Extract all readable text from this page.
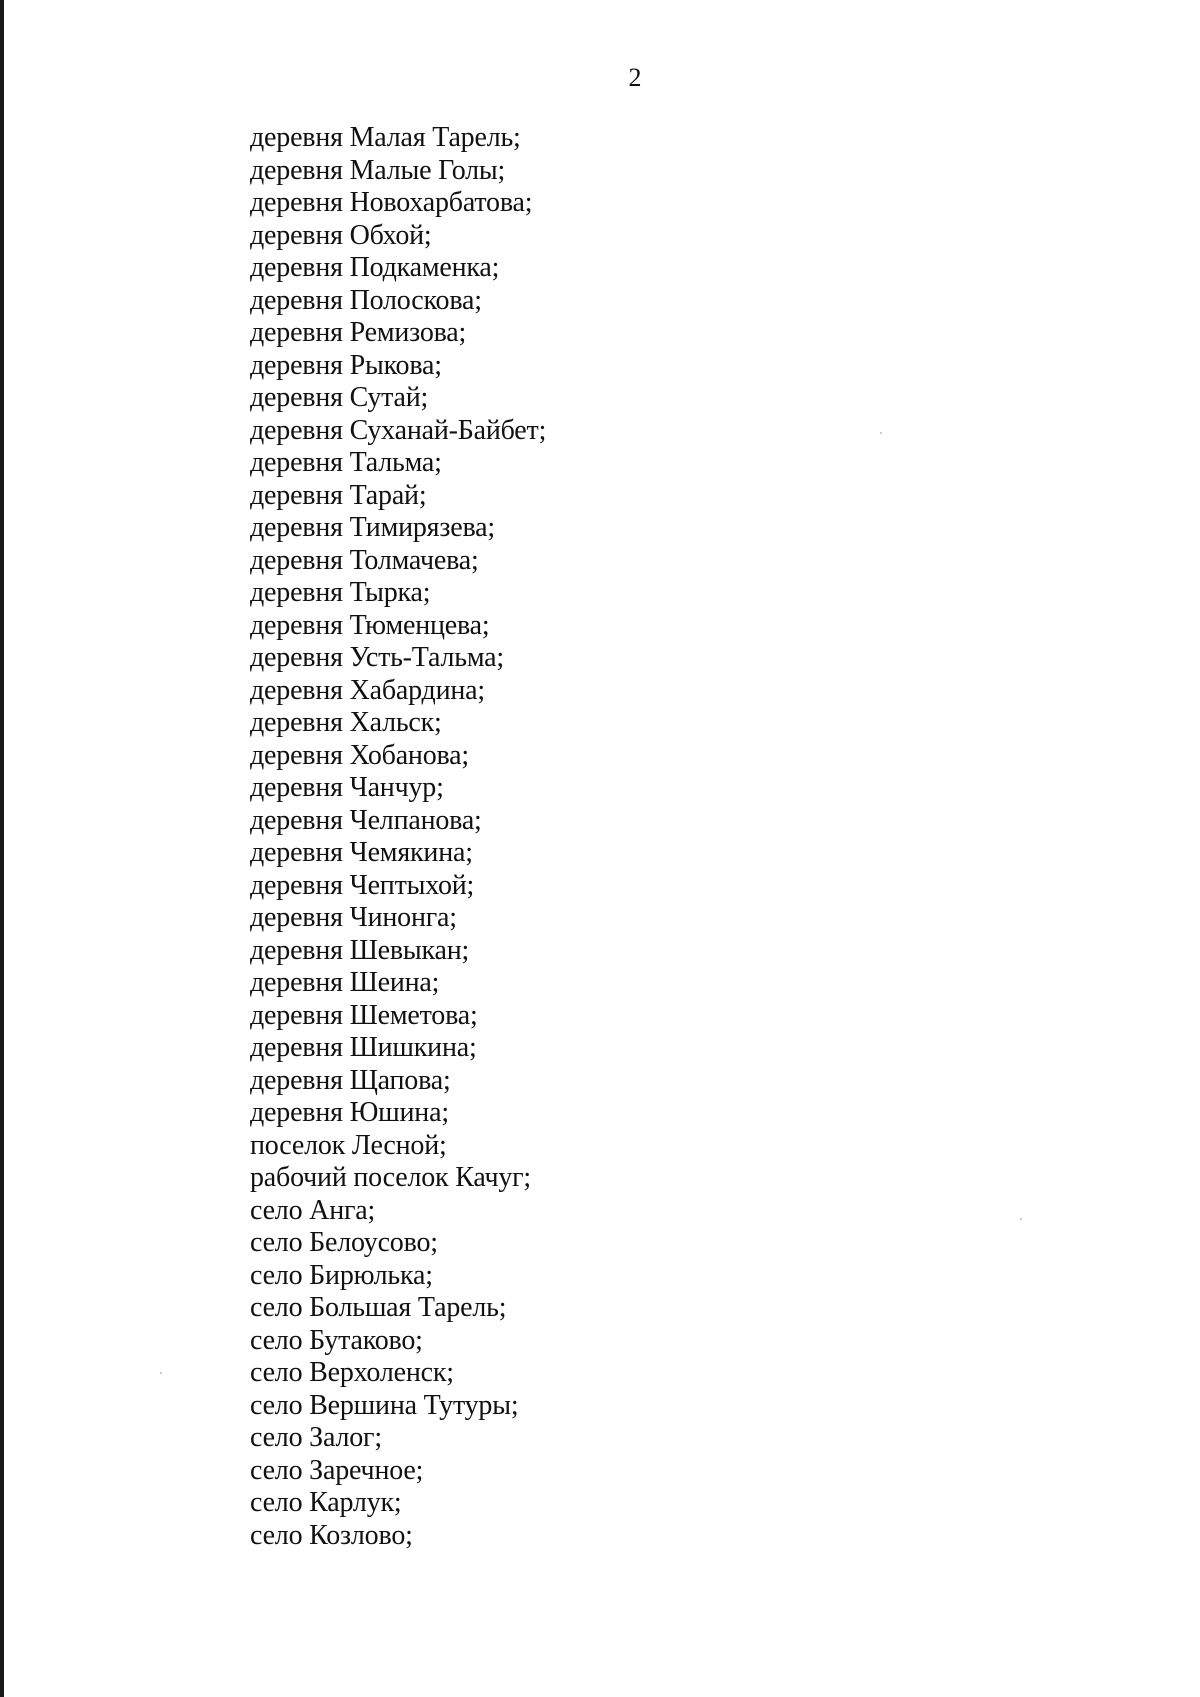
2
деревня Малая Тарель;
деревня Малые Голы;
деревня Новохарбатова;
деревня Обхой;
деревня Подкаменка;
деревня Полоскова;
деревня Ремизова;
деревня Рыкова;
деревня Сутай;
деревня Суханай-Байбет;
деревня Тальма;
деревня Тарай;
деревня Тимирязева;
деревня Толмачева;
деревня Тырка;
деревня Тюменцева;
деревня Усть-Тальма;
деревня Хабардина;
деревня Хальск;
деревня Хобанова;
деревня Чанчур;
деревня Челпанова;
деревня Чемякина;
деревня Чептыхой;
деревня Чинонга;
деревня Шевыкан;
деревня Шеина;
деревня Шеметова;
деревня Шишкина;
деревня Щапова;
деревня Юшина;
поселок Лесной;
рабочий поселок Качуг;
село Анга;
село Белоусово;
село Бирюлька;
село Большая Тарель;
село Бутаково;
село Верхоленск;
село Вершина Тутуры;
село Залог;
село Заречное;
село Карлук;
село Козлово;
